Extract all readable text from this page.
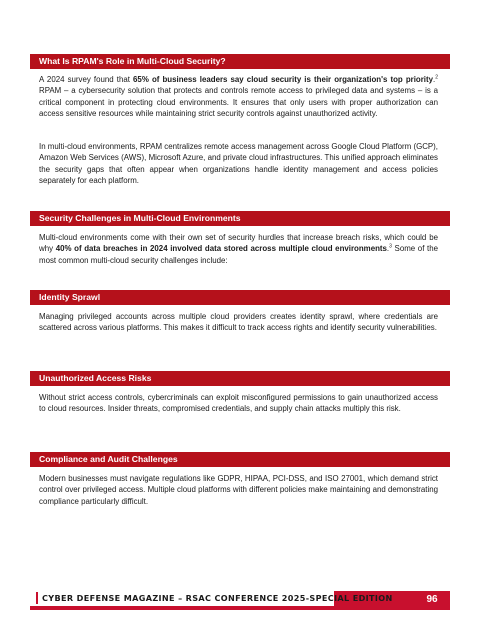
What Is RPAM's Role in Multi-Cloud Security?

A 2024 survey found that 65% of business leaders say cloud security is their organization's top priority.$^2$ RPAM – a cybersecurity solution that protects and controls remote access to privileged data and systems – is a critical component in protecting cloud environments. It ensures that only users with proper authorization can access sensitive resources while maintaining strict security controls against unauthorized activity.

In multi-cloud environments, RPAM centralizes remote access management across Google Cloud Platform (GCP), Amazon Web Services (AWS), Microsoft Azure, and private cloud infrastructures. This unified approach eliminates the security gaps that often appear when organizations handle identity management and access policies separately for each platform.

Security Challenges in Multi-Cloud Environments

Multi-cloud environments come with their own set of security hurdles that increase breach risks, which could be why 40% of data breaches in 2024 involved data stored across multiple cloud environments.$^3$ Some of the most common multi-cloud security challenges include:

Identity Sprawl

Managing privileged accounts across multiple cloud providers creates identity sprawl, where credentials are scattered across various platforms. This makes it difficult to track access rights and identify security vulnerabilities.

Unauthorized Access Risks

Without strict access controls, cybercriminals can exploit misconfigured permissions to gain unauthorized access to cloud resources. Insider threats, compromised credentials, and supply chain attacks multiply this risk.

Compliance and Audit Challenges

Modern businesses must navigate regulations like GDPR, HIPAA, PCI-DSS, and ISO 27001, which demand strict control over privileged access. Multiple cloud platforms with different policies make maintaining and demonstrating compliance particularly difficult.

CYBER DEFENSE MAGAZINE – RSAC CONFERENCE 2025-SPECIAL EDITION	96
